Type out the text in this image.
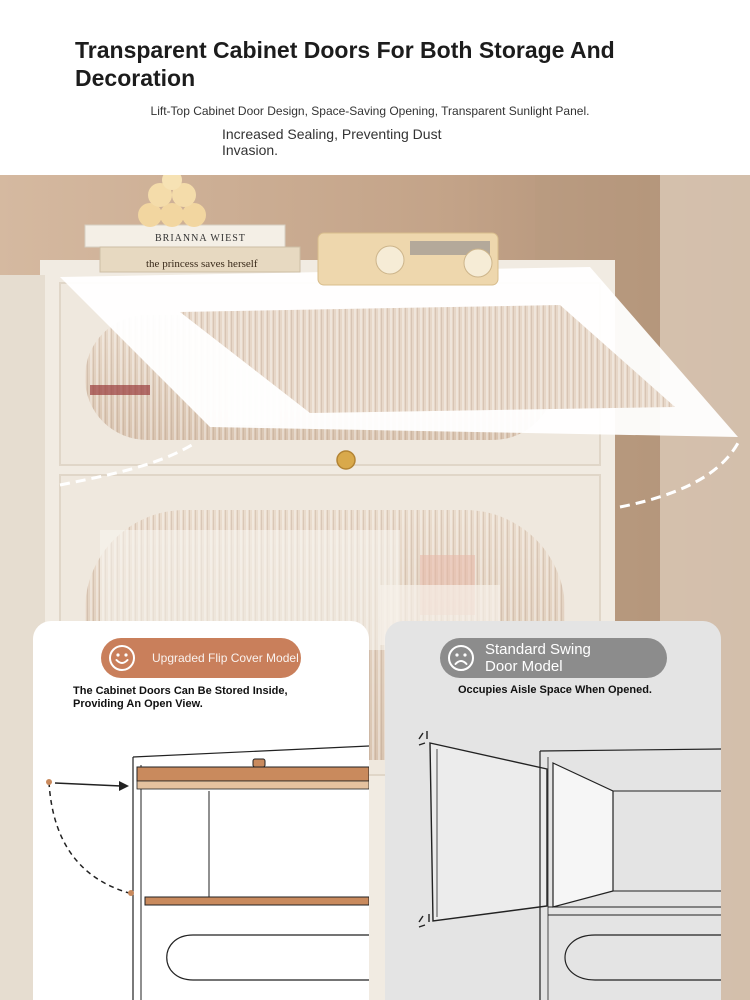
Transparent Cabinet Doors For Both Storage And Decoration
Lift-Top Cabinet Door Design, Space-Saving Opening, Transparent Sunlight Panel.
Increased Sealing, Preventing Dust Invasion.
BRIANNA WIEST
the princess saves herself
Upgraded Flip Cover Model
The Cabinet Doors Can Be Stored Inside, Providing An Open View.
Standard Swing Door Model
Occupies Aisle Space When Opened.
